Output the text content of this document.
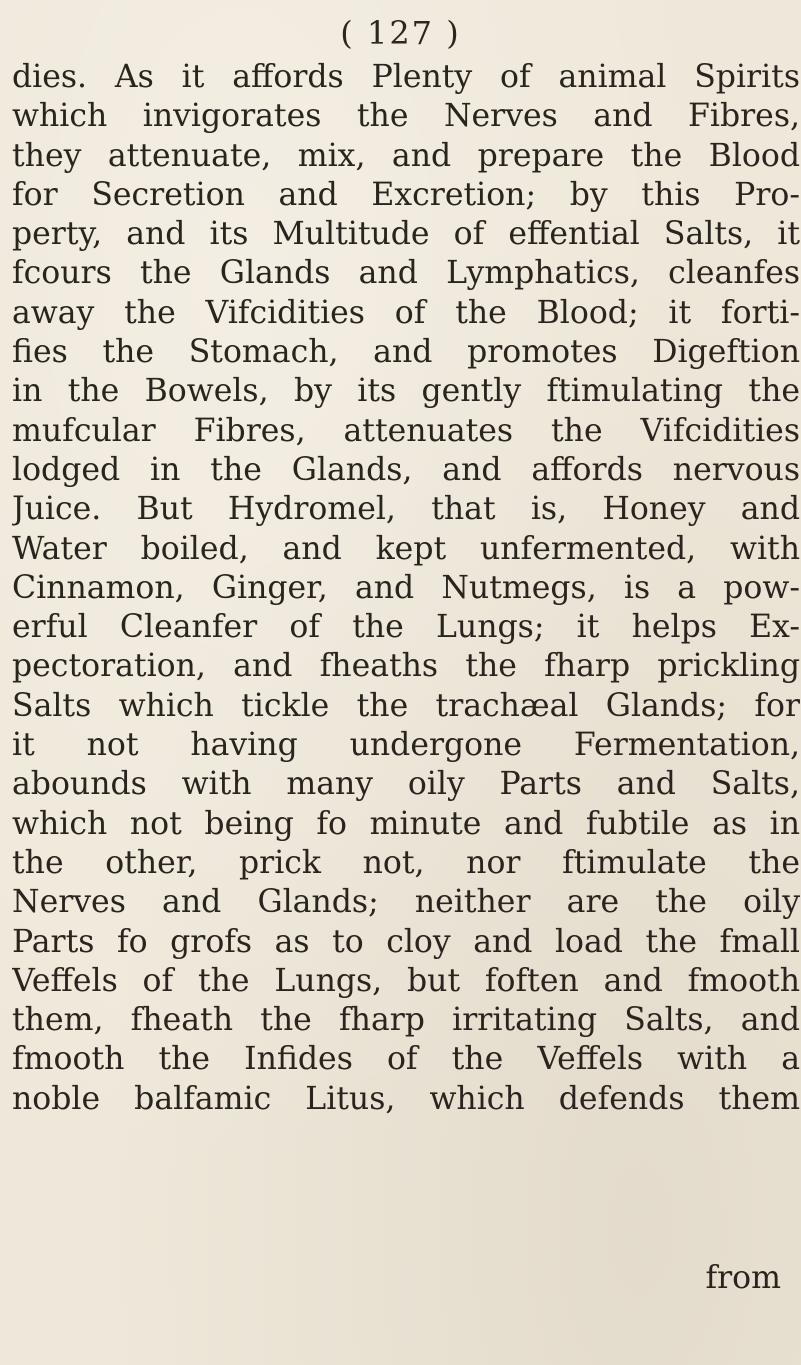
( 127 )
dies. As it affords Plenty of animal Spirits
which invigorates the Nerves and Fibres,
they attenuate, mix, and prepare the Blood
for Secretion and Excretion; by this Pro-
perty, and its Multitude of effential Salts, it
fcours the Glands and Lymphatics, cleanfes
away the Vifcidities of the Blood; it forti-
fies the Stomach, and promotes Digeftion
in the Bowels, by its gently ftimulating the
mufcular Fibres, attenuates the Vifcidities
lodged in the Glands, and affords nervous
Juice. But Hydromel, that is, Honey and
Water boiled, and kept unfermented, with
Cinnamon, Ginger, and Nutmegs, is a pow-
erful Cleanfer of the Lungs; it helps Ex-
pectoration, and fheaths the fharp prickling
Salts which tickle the trachæal Glands; for
it not having undergone Fermentation,
abounds with many oily Parts and Salts,
which not being fo minute and fubtile as in
the other, prick not, nor ftimulate the
Nerves and Glands; neither are the oily
Parts fo grofs as to cloy and load the fmall
Veffels of the Lungs, but foften and fmooth
them, fheath the fharp irritating Salts, and
fmooth the Infides of the Veffels with a
noble balfamic Litus, which defends them
from
